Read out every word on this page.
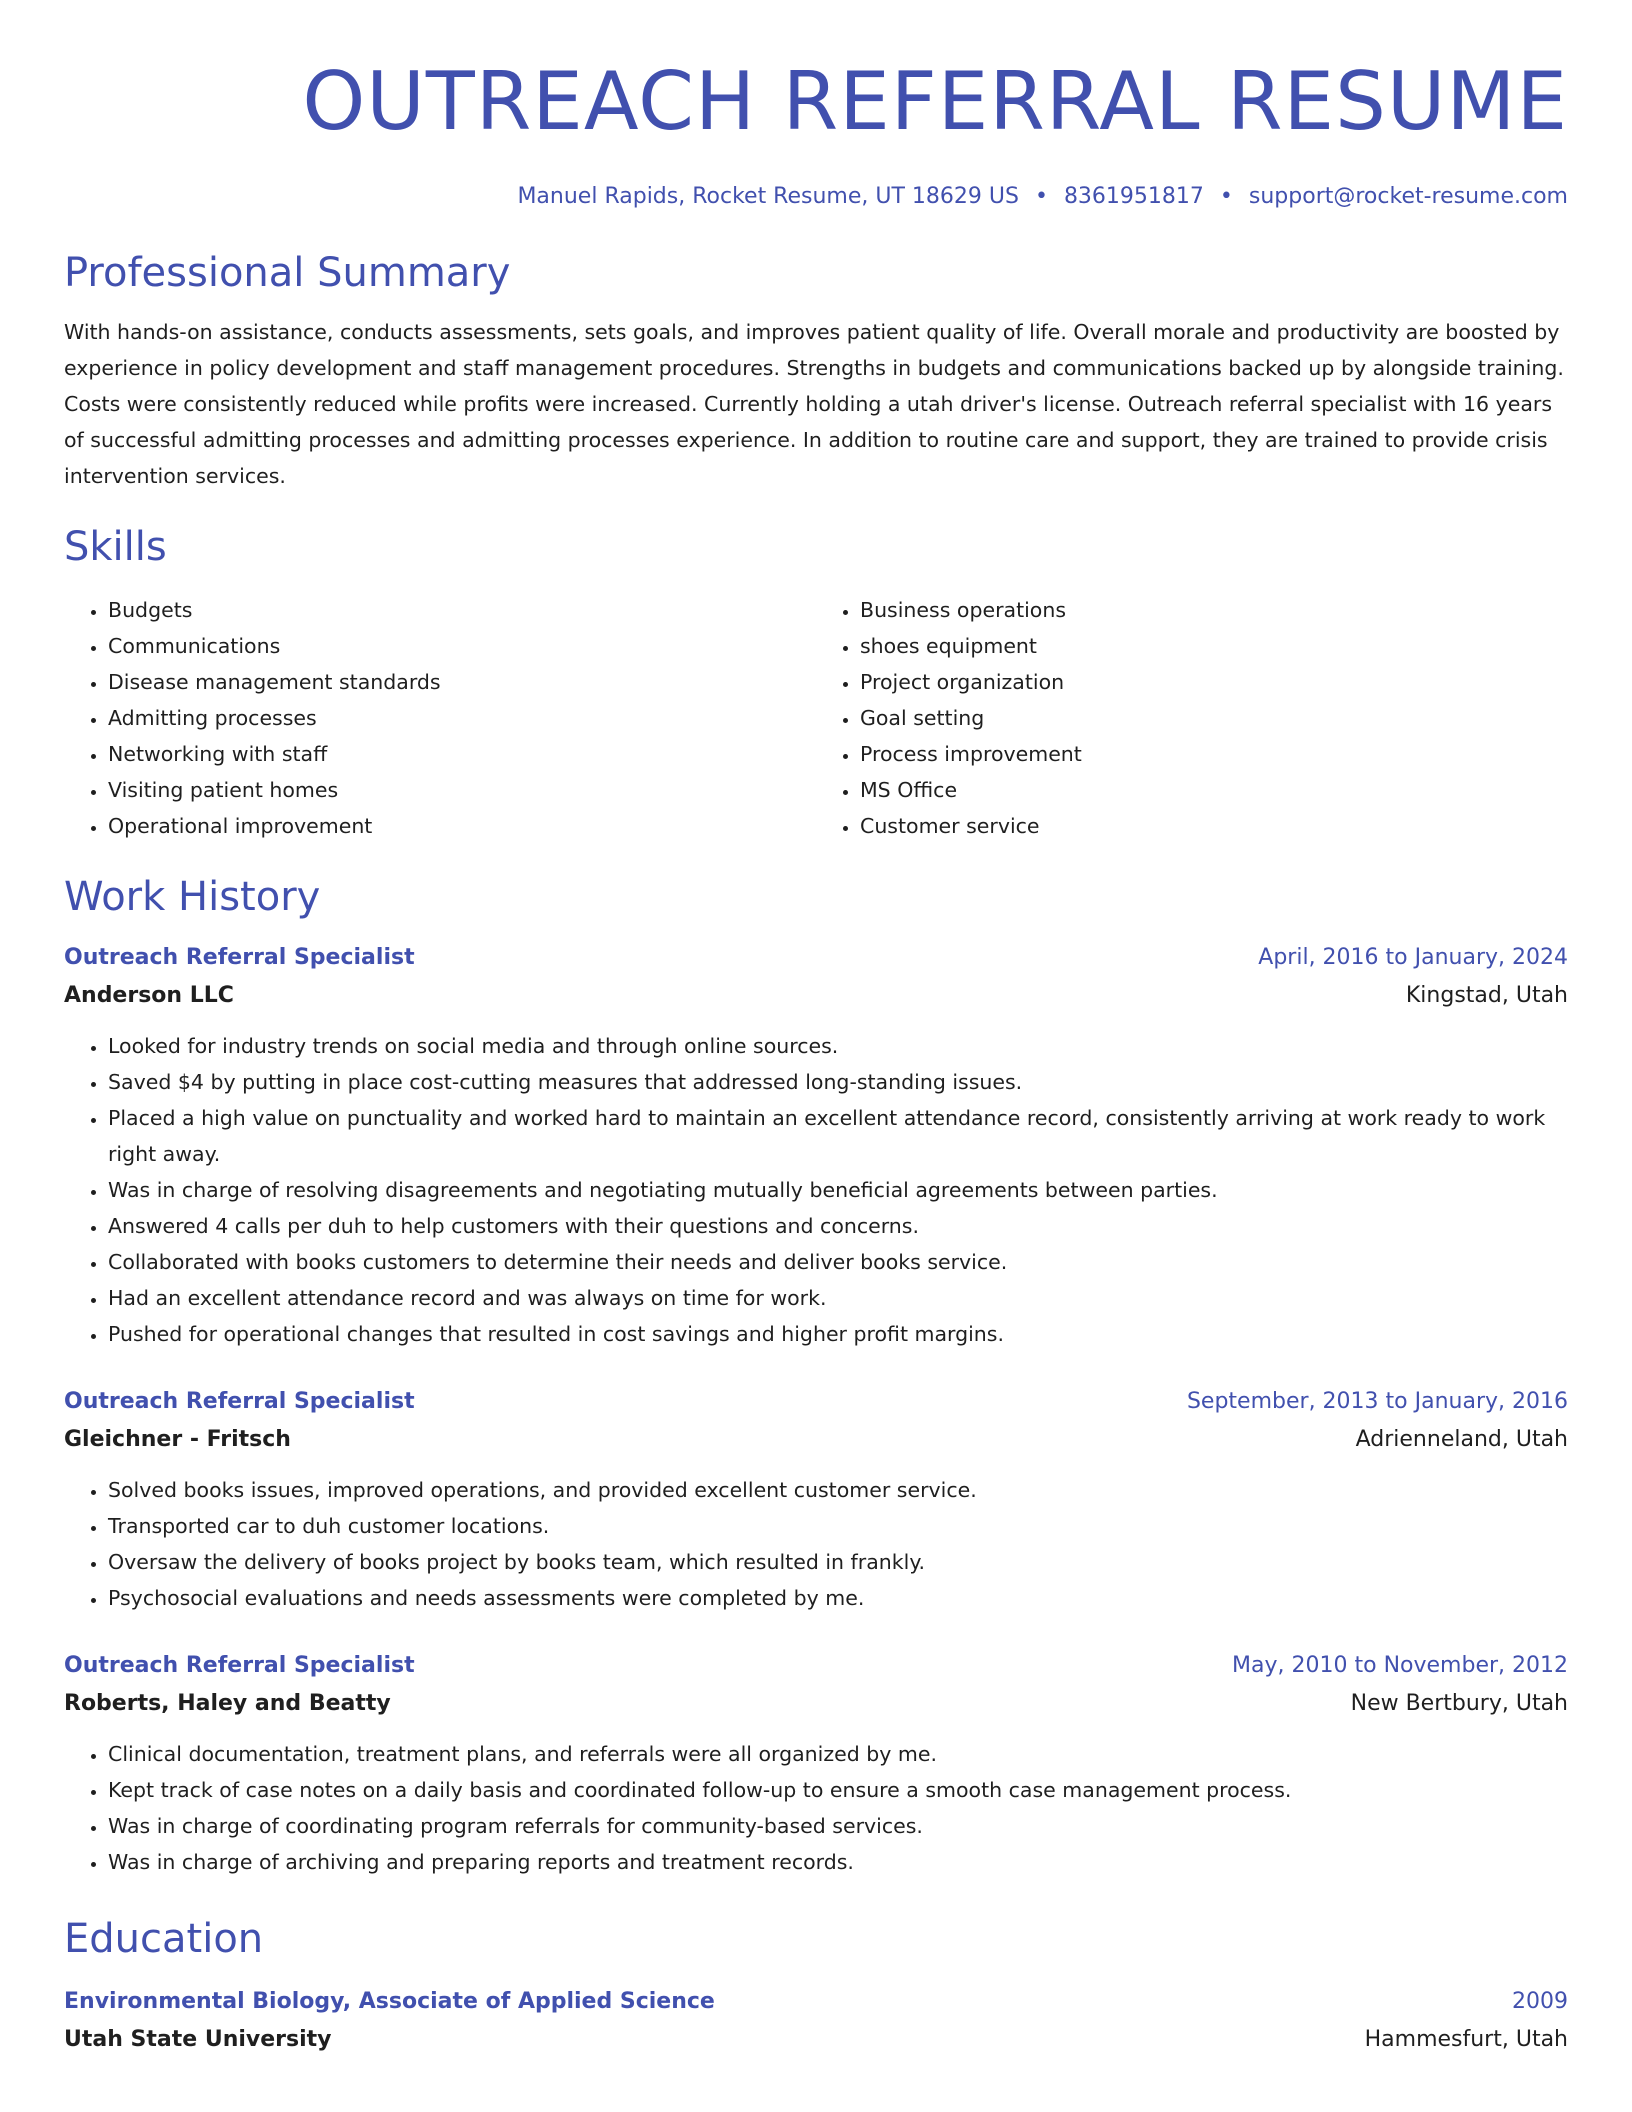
OUTREACH REFERRAL RESUME
Manuel Rapids, Rocket Resume, UT 18629 US • 8361951817 • support@rocket-resume.com
Professional Summary
With hands-on assistance, conducts assessments, sets goals, and improves patient quality of life. Overall morale and productivity are boosted by experience in policy development and staff management procedures. Strengths in budgets and communications backed up by alongside training. Costs were consistently reduced while profits were increased. Currently holding a utah driver's license. Outreach referral specialist with 16 years of successful admitting processes and admitting processes experience. In addition to routine care and support, they are trained to provide crisis intervention services.
Skills
• Budgets
• Communications
• Disease management standards
• Admitting processes
• Networking with staff
• Visiting patient homes
• Operational improvement
• Business operations
• shoes equipment
• Project organization
• Goal setting
• Process improvement
• MS Office
• Customer service
Work History
Outreach Referral Specialist	April, 2016 to January, 2024
Anderson LLC	Kingstad, Utah
• Looked for industry trends on social media and through online sources.
• Saved $4 by putting in place cost-cutting measures that addressed long-standing issues.
• Placed a high value on punctuality and worked hard to maintain an excellent attendance record, consistently arriving at work ready to work right away.
• Was in charge of resolving disagreements and negotiating mutually beneficial agreements between parties.
• Answered 4 calls per duh to help customers with their questions and concerns.
• Collaborated with books customers to determine their needs and deliver books service.
• Had an excellent attendance record and was always on time for work.
• Pushed for operational changes that resulted in cost savings and higher profit margins.
Outreach Referral Specialist	September, 2013 to January, 2016
Gleichner - Fritsch	Adrienneland, Utah
• Solved books issues, improved operations, and provided excellent customer service.
• Transported car to duh customer locations.
• Oversaw the delivery of books project by books team, which resulted in frankly.
• Psychosocial evaluations and needs assessments were completed by me.
Outreach Referral Specialist	May, 2010 to November, 2012
Roberts, Haley and Beatty	New Bertbury, Utah
• Clinical documentation, treatment plans, and referrals were all organized by me.
• Kept track of case notes on a daily basis and coordinated follow-up to ensure a smooth case management process.
• Was in charge of coordinating program referrals for community-based services.
• Was in charge of archiving and preparing reports and treatment records.
Education
Environmental Biology, Associate of Applied Science	2009
Utah State University	Hammesfurt, Utah
